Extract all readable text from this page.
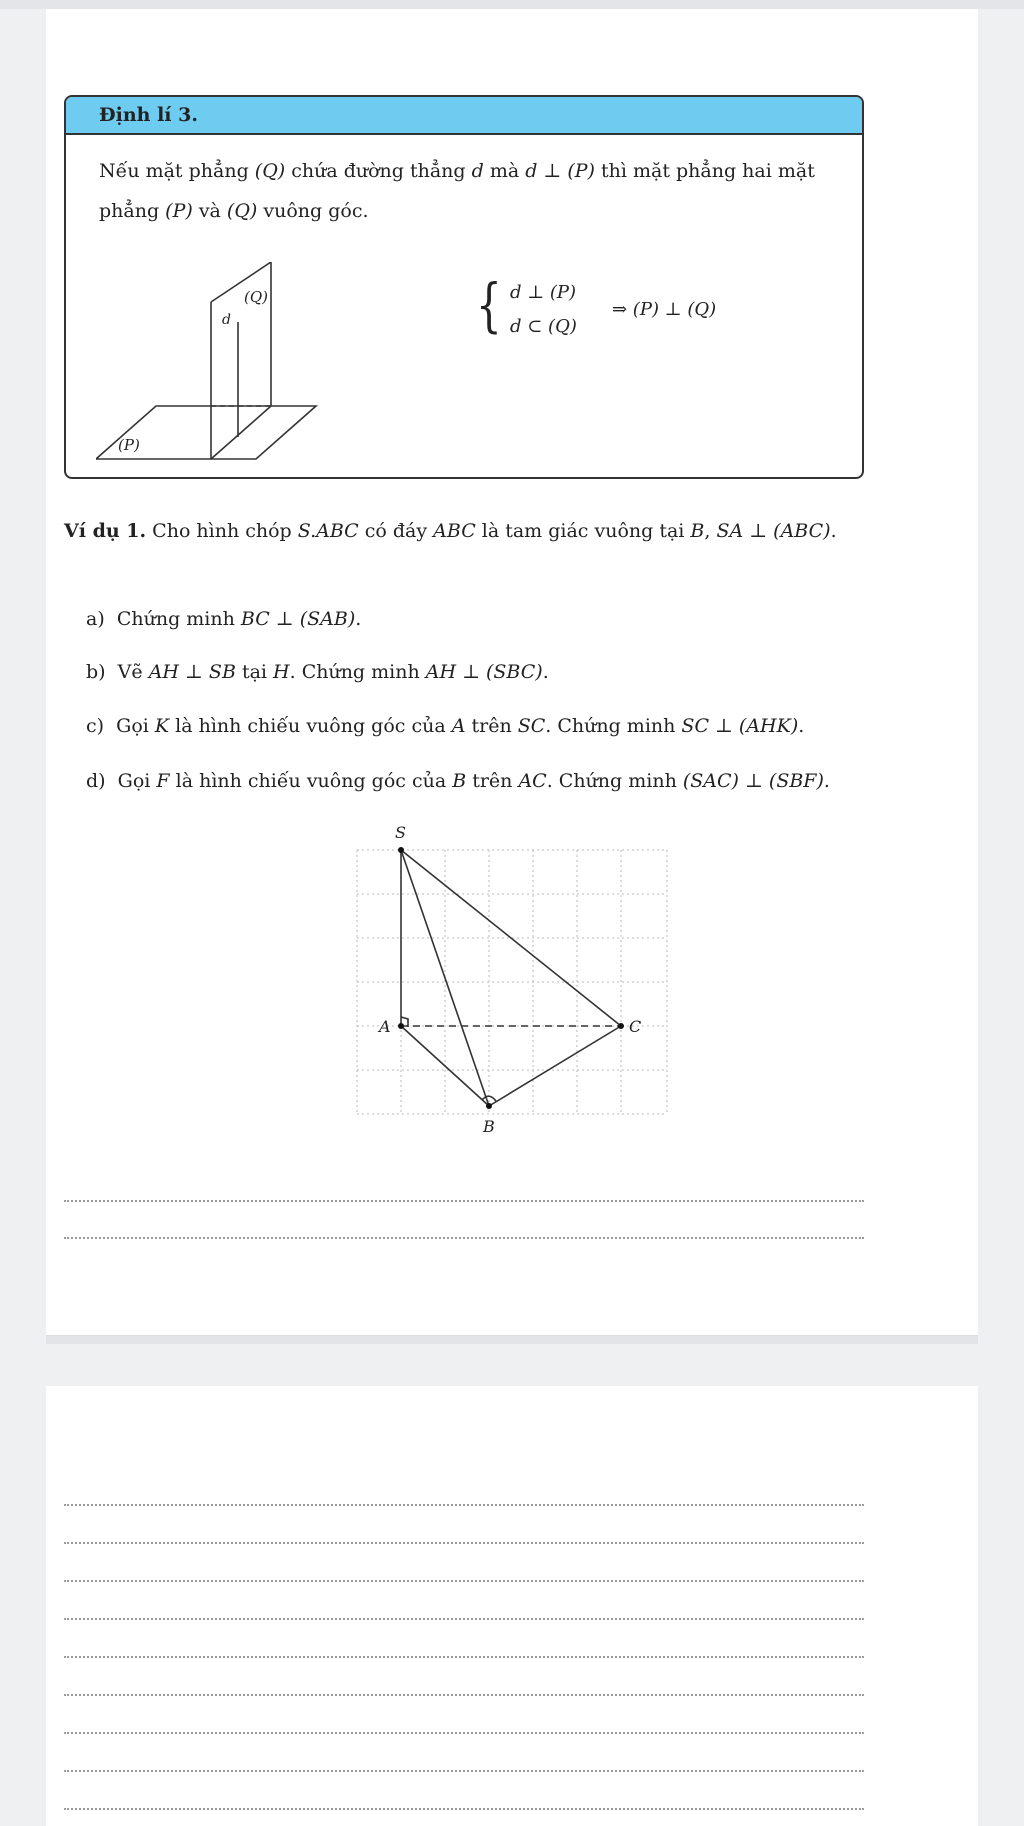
Định lí 3.
Nếu mặt phẳng (Q) chứa đường thẳng d mà d ⊥ (P) thì mặt phẳng hai mặt phẳng (P) và (Q) vuông góc.
(Q)
d
(P)
{ d ⊥ (P)
d ⊂ (Q)
⇒ (P) ⊥ (Q)
Ví dụ 1. Cho hình chóp S.ABC có đáy ABC là tam giác vuông tại B, SA ⊥ (ABC).
a) Chứng minh BC ⊥ (SAB).
b) Vẽ AH ⊥ SB tại H. Chứng minh AH ⊥ (SBC).
c) Gọi K là hình chiếu vuông góc của A trên SC. Chứng minh SC ⊥ (AHK).
d) Gọi F là hình chiếu vuông góc của B trên AC. Chứng minh (SAC) ⊥ (SBF).
S
A
B
C
